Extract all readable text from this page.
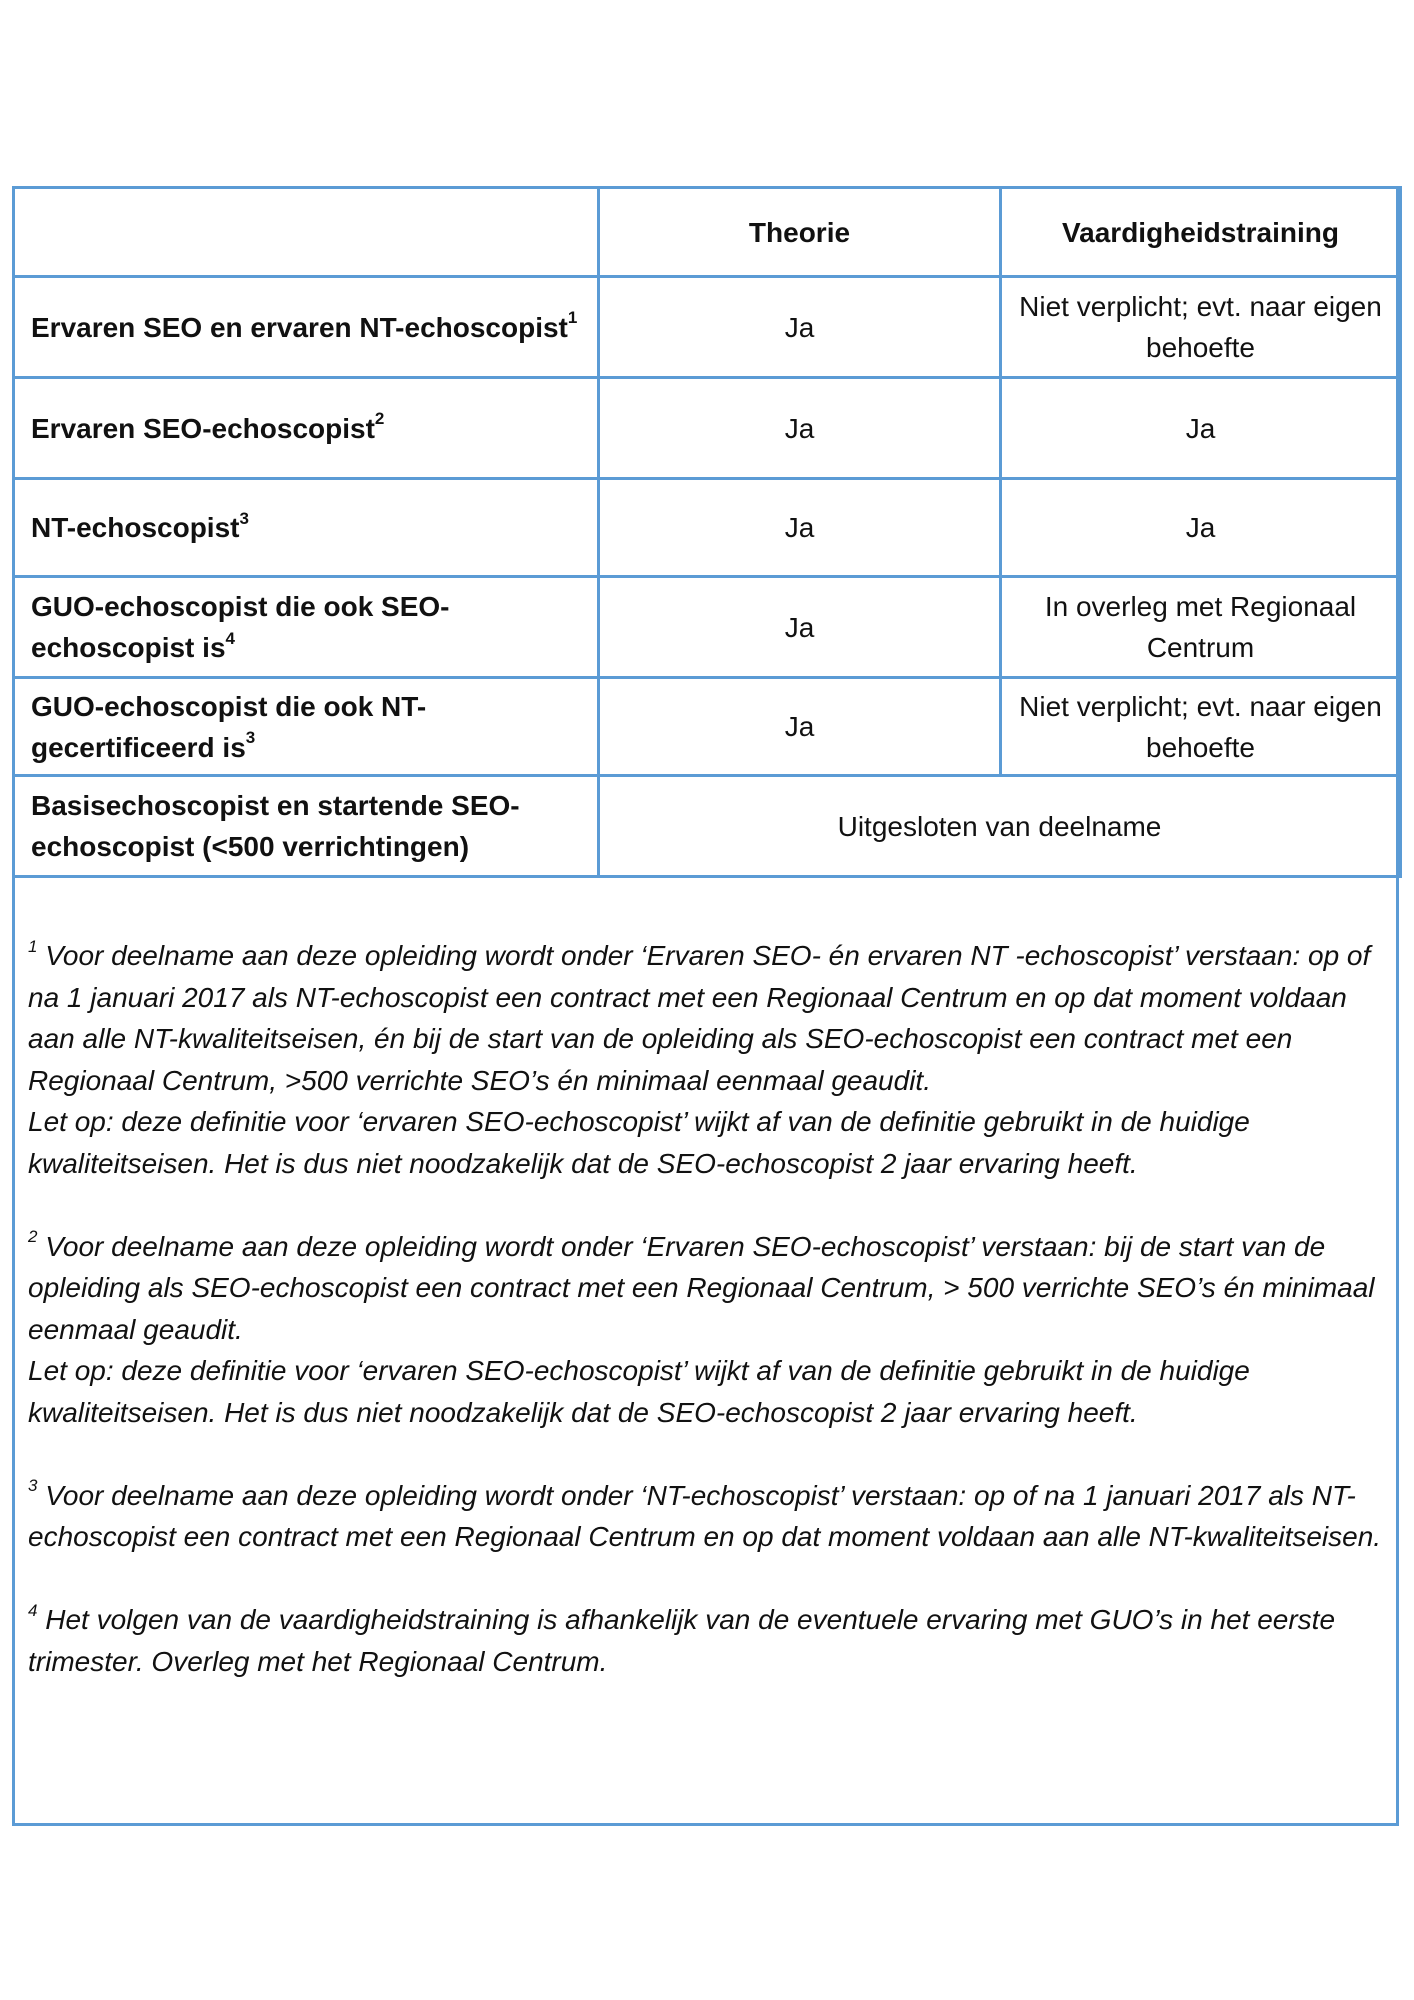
	Theorie	Vaardigheidstraining
Ervaren SEO en ervaren NT-echoscopist$^1$	Ja	Niet verplicht; evt. naar eigen behoefte
Ervaren SEO-echoscopist$^2$	Ja	Ja
NT-echoscopist$^3$	Ja	Ja
GUO-echoscopist die ook SEO-echoscopist $is^4$	Ja	In overleg met Regionaal Centrum
GUO-echoscopist die ook NT-gecertificeerd $is^3$	Ja	Niet verplicht; evt. naar eigen behoefte
Basisechoscopist en startende SEO-echoscopist (<500 verrichtingen)	Uitgesloten van deelname	

$^1$ Voor deelname aan deze opleiding wordt onder ‘Ervaren SEO- én ervaren NT -echoscopist’ verstaan: op of na 1 januari 2017 als NT-echoscopist een contract met een Regionaal Centrum en op dat moment voldaan aan alle NT-kwaliteitseisen, én bij de start van de opleiding als SEO-echoscopist een contract met een Regionaal Centrum, >500 verrichte SEO’s én minimaal eenmaal geaudit.

Let op: deze definitie voor ‘ervaren SEO-echoscopist’ wijkt af van de definitie gebruikt in de huidige kwaliteitseisen. Het is dus niet noodzakelijk dat de SEO-echoscopist 2 jaar ervaring heeft.

$^2$ Voor deelname aan deze opleiding wordt onder ‘Ervaren SEO-echoscopist’ verstaan: bij de start van de opleiding als SEO-echoscopist een contract met een Regionaal Centrum, > 500 verrichte SEO’s én minimaal eenmaal geaudit.

Let op: deze definitie voor ‘ervaren SEO-echoscopist’ wijkt af van de definitie gebruikt in de huidige kwaliteitseisen. Het is dus niet noodzakelijk dat de SEO-echoscopist 2 jaar ervaring heeft.

$^3$ Voor deelname aan deze opleiding wordt onder ‘NT-echoscopist’ verstaan: op of na 1 januari 2017 als NT-echoscopist een contract met een Regionaal Centrum en op dat moment voldaan aan alle NT-kwaliteitseisen.

$^4$ Het volgen van de vaardigheidstraining is afhankelijk van de eventuele ervaring met GUO’s in het eerste trimester. Overleg met het Regionaal Centrum.
